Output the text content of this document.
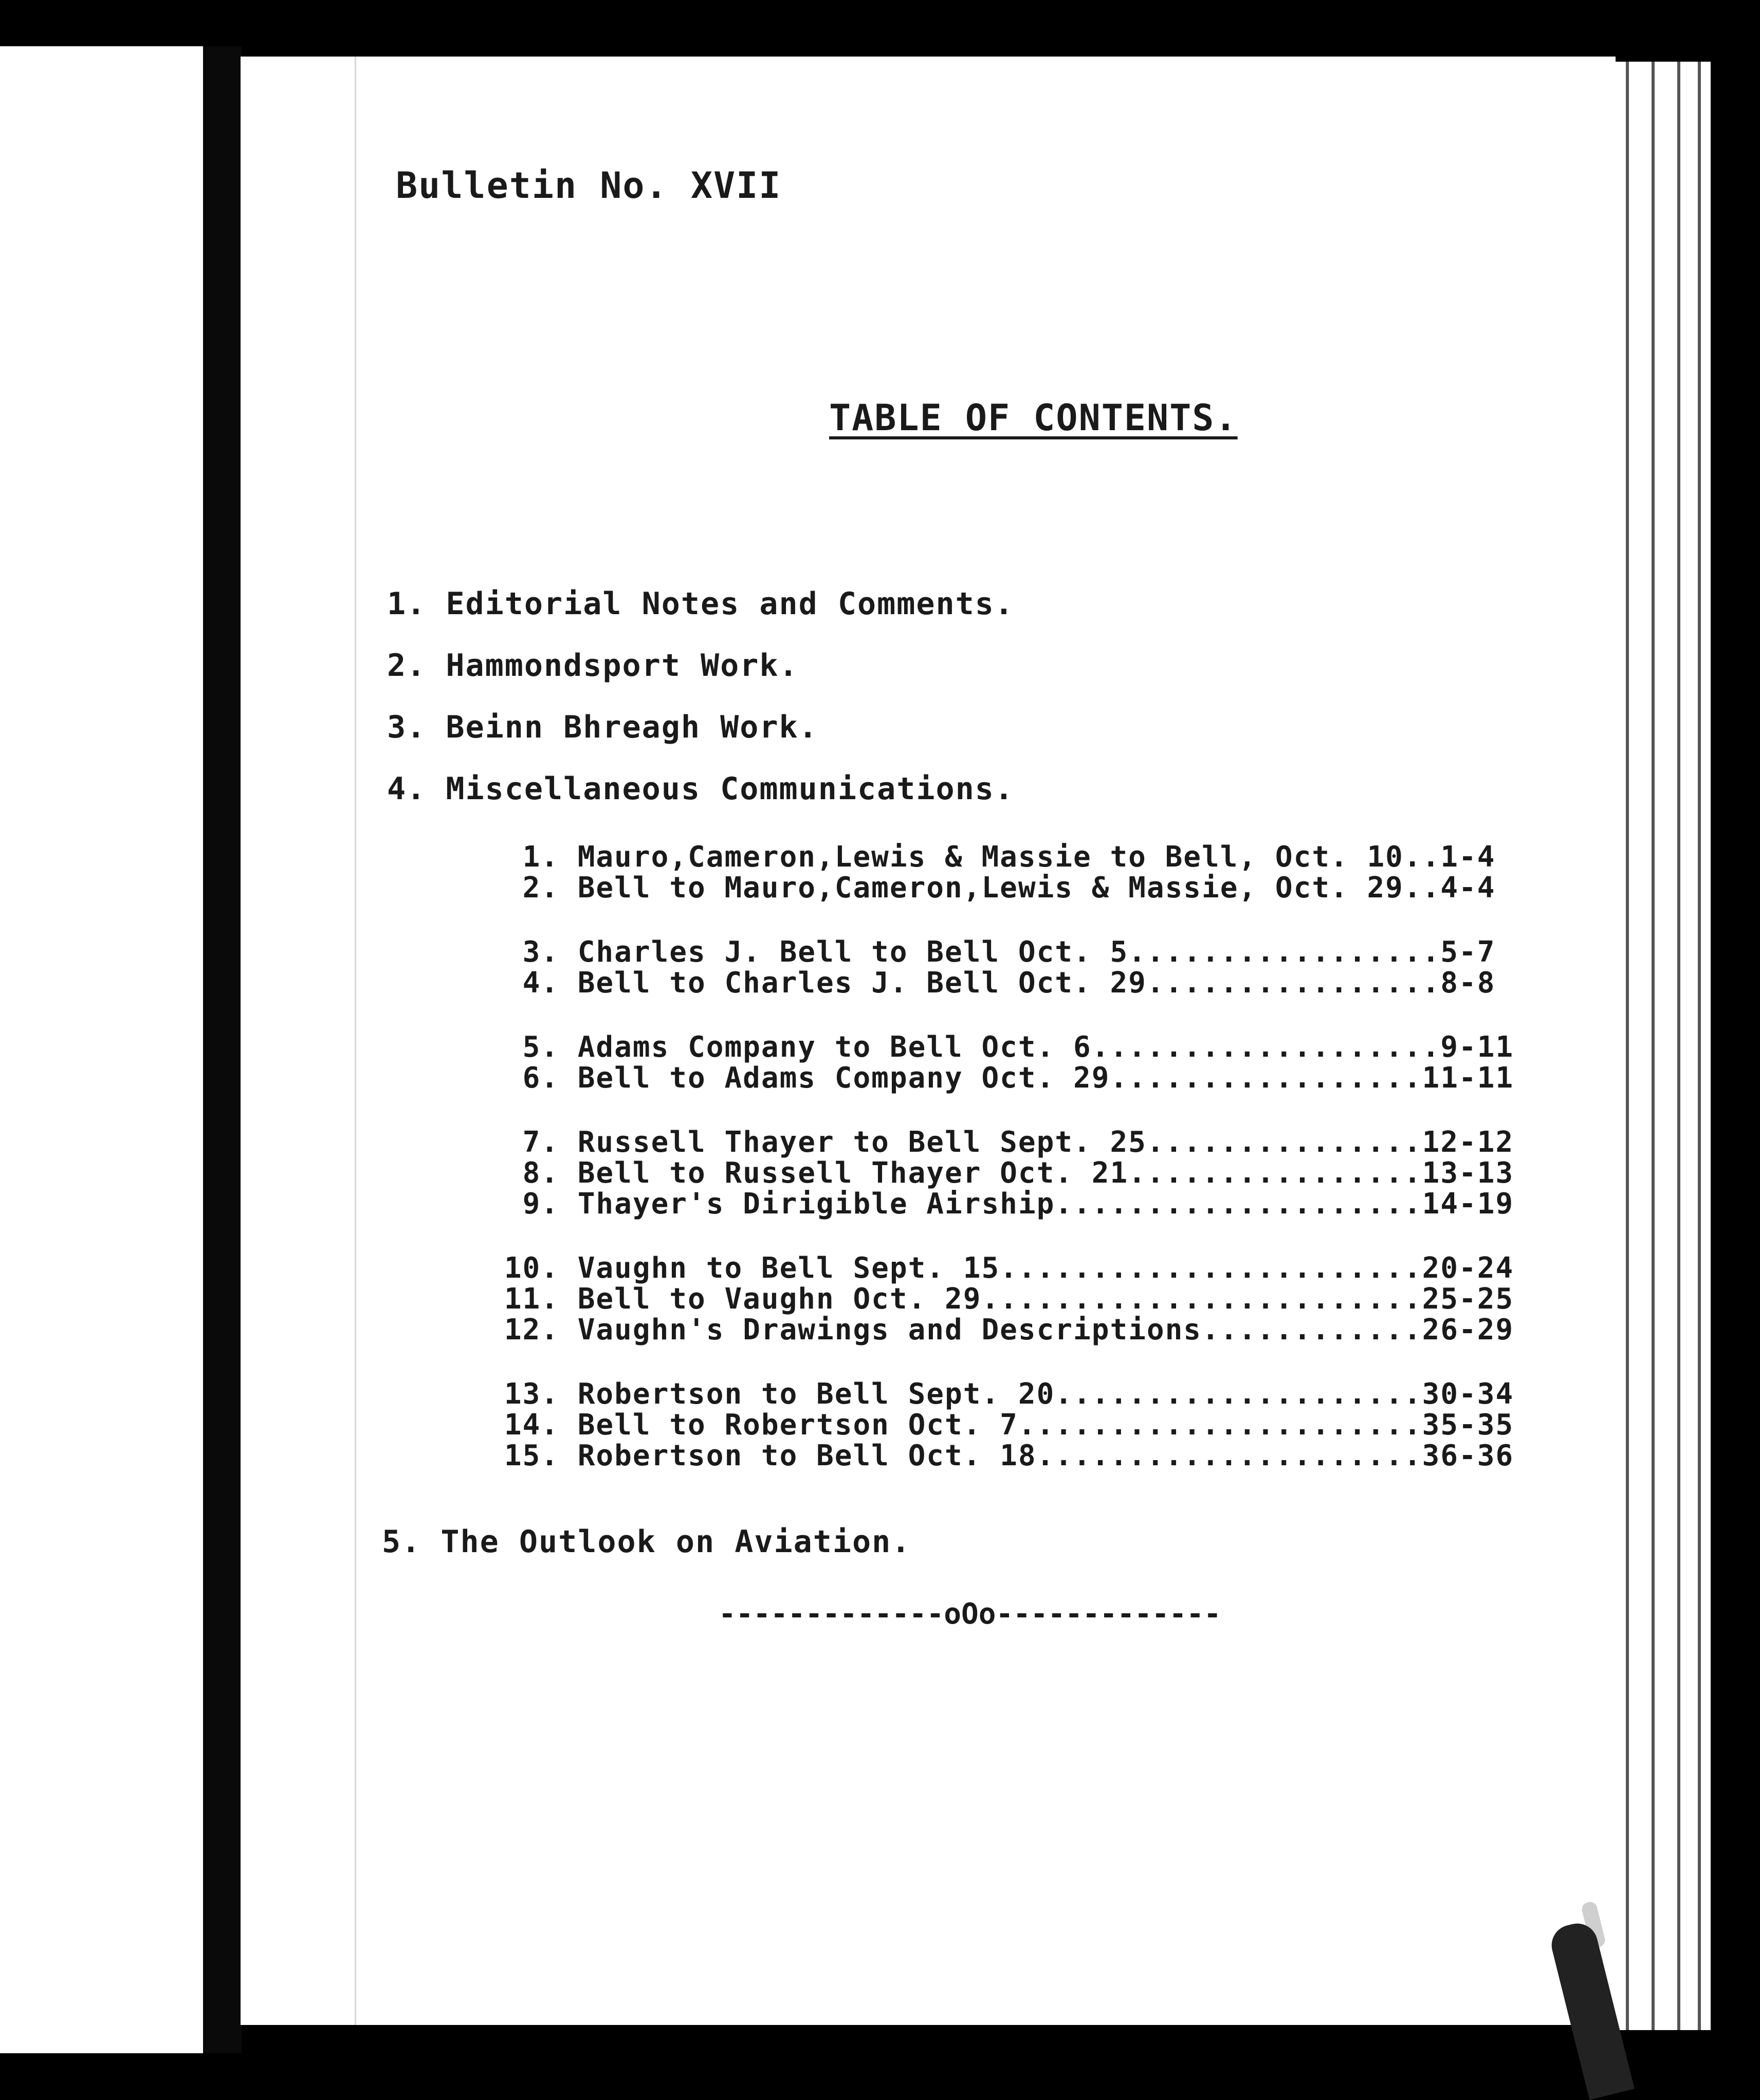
Bulletin No. XVII
TABLE OF CONTENTS.
1. Editorial Notes and Comments.
2. Hammondsport Work.
3. Beinn Bhreagh Work.
4. Miscellaneous Communications.
1. Mauro,Cameron,Lewis & Massie to Bell, Oct. 10..1-4
2. Bell to Mauro,Cameron,Lewis & Massie, Oct. 29..4-4
3. Charles J. Bell to Bell Oct. 5.................5-7
4. Bell to Charles J. Bell Oct. 29................8-8
5. Adams Company to Bell Oct. 6...................9-11
6. Bell to Adams Company Oct. 29.................11-11
7. Russell Thayer to Bell Sept. 25...............12-12
8. Bell to Russell Thayer Oct. 21................13-13
9. Thayer's Dirigible Airship....................14-19
10. Vaughn to Bell Sept. 15.......................20-24
11. Bell to Vaughn Oct. 29........................25-25
12. Vaughn's Drawings and Descriptions............26-29
13. Robertson to Bell Sept. 20....................30-34
14. Bell to Robertson Oct. 7......................35-35
15. Robertson to Bell Oct. 18.....................36-36
5. The Outlook on Aviation.
-------------oOo-------------
